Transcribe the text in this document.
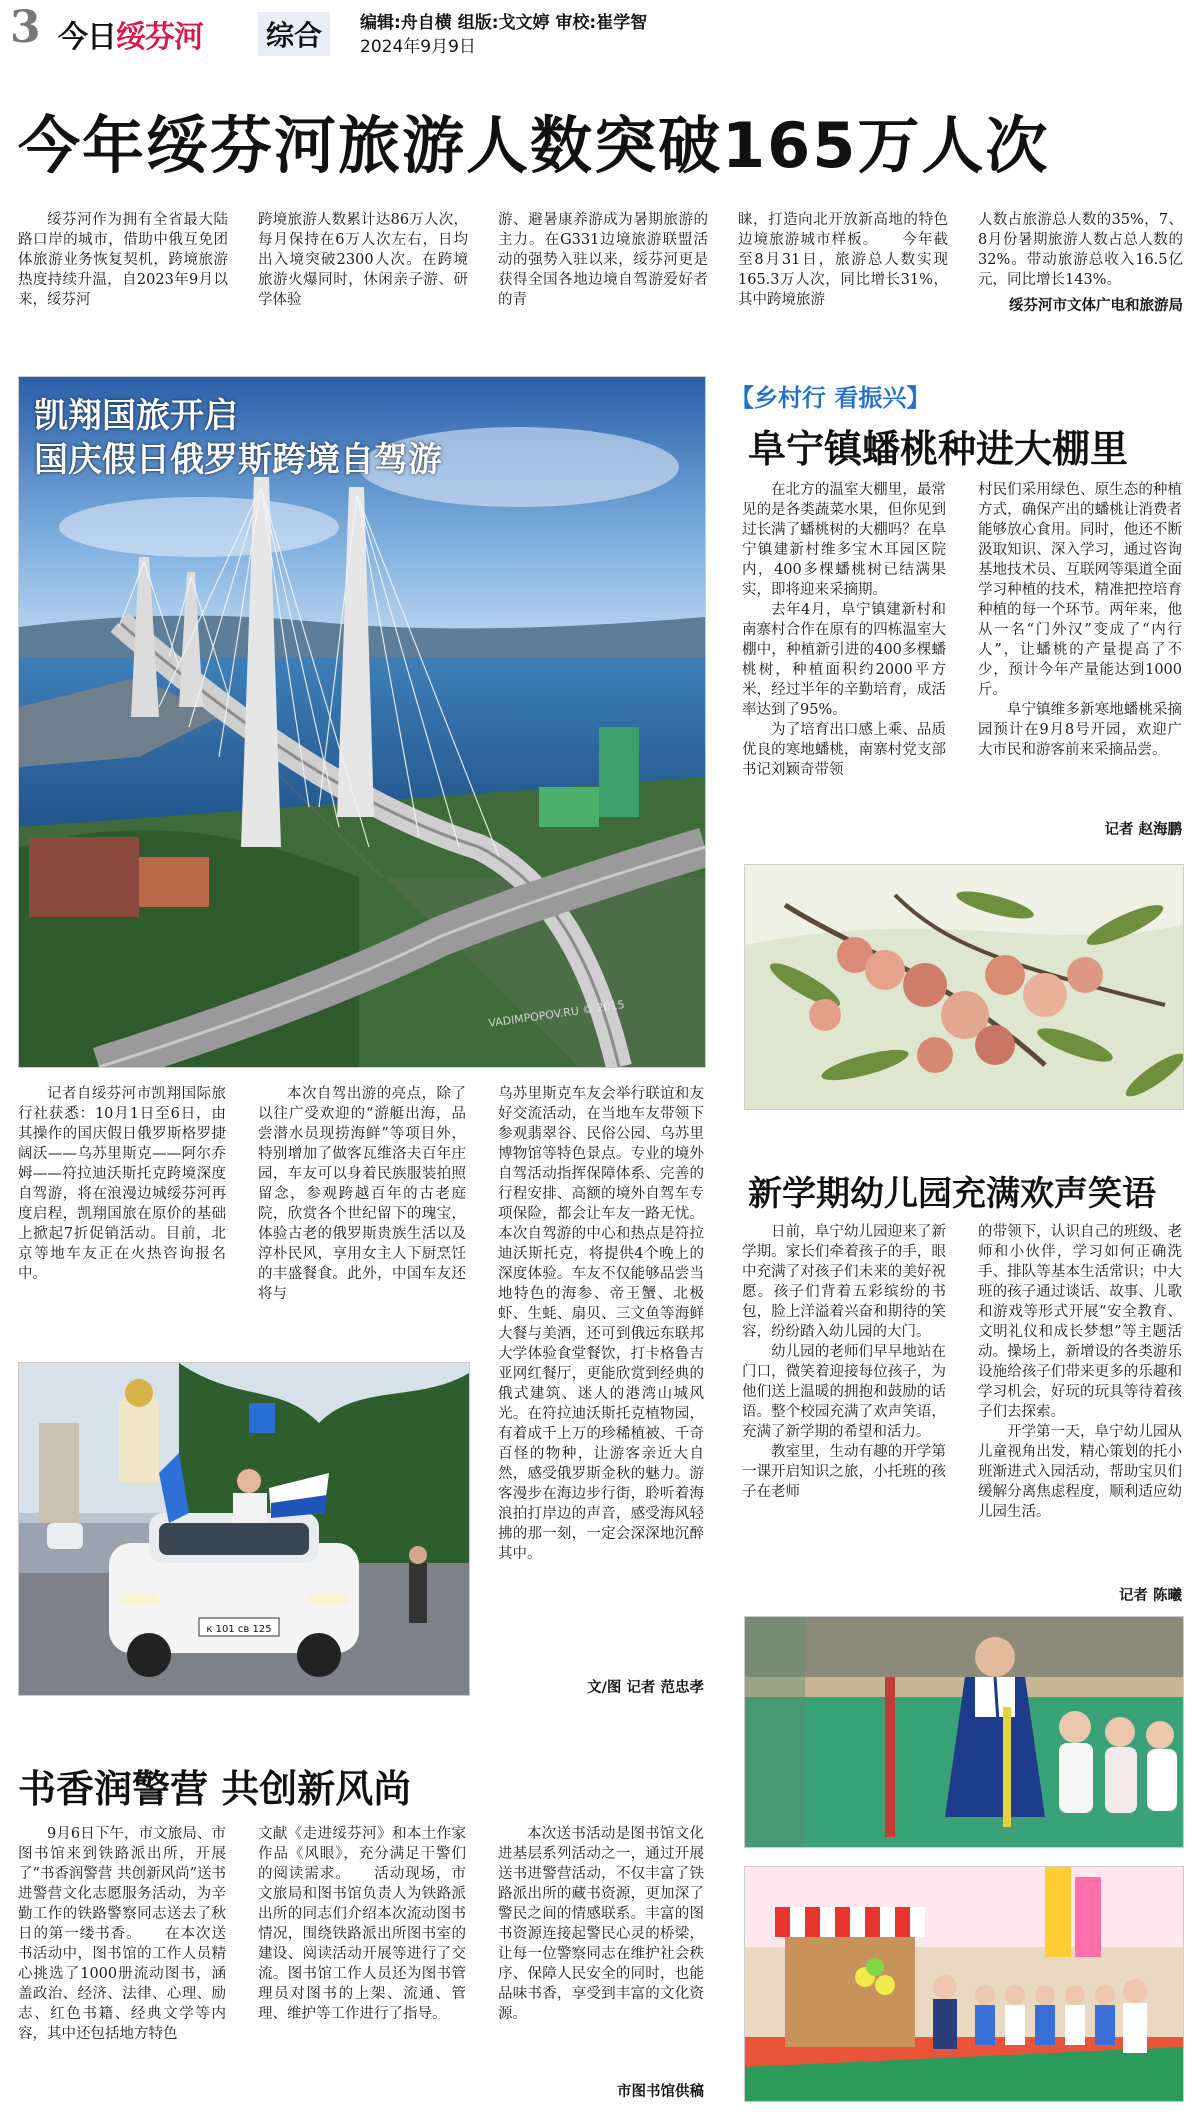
3 今日绥芬河 综合	编辑:舟自横 组版:戈文婷 审校:崔学智
2024年9月9日
今年绥芬河旅游人数突破165万人次

绥芬河作为拥有全省最大陆路口岸的城市，借助中俄互免团体旅游业务恢复契机，跨境旅游热度持续升温，自2023年9月以来，绥芬河

跨境旅游人数累计达86万人次，每月保持在6万人次左右，日均出入境突破2300人次。在跨境旅游火爆同时，休闲亲子游、研学体验

游、避暑康养游成为暑期旅游的主力。在G331边境旅游联盟活动的强势入驻以来，绥芬河更是获得全国各地边境自驾游爱好者的青

睐，打造向北开放新高地的特色边境旅游城市样板。　　今年截至8月31日，旅游总人数实现165.3万人次，同比增长31%，其中跨境旅游

人数占旅游总人数的35%，7、8月份暑期旅游人数占总人数的32%。带动旅游总收入16.5亿元，同比增长143%。

绥芬河市文体广电和旅游局
VADIMPOPOV.RU © 2015
凯翔国旅开启
国庆假日俄罗斯跨境自驾游

记者自绥芬河市凯翔国际旅行社获悉：10月1日至6日，由其操作的国庆假日俄罗斯格罗捷阔沃——乌苏里斯克——阿尔乔姆——符拉迪沃斯托克跨境深度自驾游，将在浪漫边城绥芬河再度启程，凯翔国旅在原价的基础上掀起7折促销活动。目前，北京等地车友正在火热咨询报名中。

本次自驾出游的亮点，除了以往广受欢迎的“游艇出海，品尝潜水员现捞海鲜”等项目外，特别增加了做客瓦维洛夫百年庄园，车友可以身着民族服装拍照留念，参观跨越百年的古老庭院，欣赏各个世纪留下的瑰宝，体验古老的俄罗斯贵族生活以及淳朴民风，享用女主人下厨烹饪的丰盛餐食。此外，中国车友还将与

乌苏里斯克车友会举行联谊和友好交流活动，在当地车友带领下参观翡翠谷、民俗公园、乌苏里博物馆等特色景点。专业的境外自驾活动指挥保障体系、完善的行程安排、高额的境外自驾车专项保险，都会让车友一路无忧。本次自驾游的中心和热点是符拉迪沃斯托克，将提供4个晚上的深度体验。车友不仅能够品尝当地特色的海参、帝王蟹、北极虾、生蚝、扇贝、三文鱼等海鲜大餐与美酒，还可到俄远东联邦大学体验食堂餐饮，打卡格鲁吉亚网红餐厅，更能欣赏到经典的俄式建筑、迷人的港湾山城风光。在符拉迪沃斯托克植物园，有着成千上万的珍稀植被、千奇百怪的物种，让游客亲近大自然，感受俄罗斯金秋的魅力。游客漫步在海边步行街，聆听着海浪拍打岸边的声音，感受海风轻拂的那一刻，一定会深深地沉醉其中。

文/图 记者 范忠孝
к 101 св 125
【乡村行 看振兴】
阜宁镇蟠桃种进大棚里

在北方的温室大棚里，最常见的是各类蔬菜水果，但你见到过长满了蟠桃树的大棚吗？在阜宁镇建新村维多宝木耳园区院内，400多棵蟠桃树已结满果实，即将迎来采摘期。

去年4月，阜宁镇建新村和南寨村合作在原有的四栋温室大棚中，种植新引进的400多棵蟠桃树，种植面积约2000平方米，经过半年的辛勤培育，成活率达到了95%。

为了培育出口感上乘、品质优良的寒地蟠桃，南寨村党支部书记刘颖奇带领

村民们采用绿色、原生态的种植方式，确保产出的蟠桃让消费者能够放心食用。同时，他还不断汲取知识、深入学习，通过咨询基地技术员、互联网等渠道全面学习种植的技术，精准把控培育种植的每一个环节。两年来，他从一名“门外汉”变成了“内行人”，让蟠桃的产量提高了不少，预计今年产量能达到1000斤。

阜宁镇维多新寒地蟠桃采摘园预计在9月8号开园，欢迎广大市民和游客前来采摘品尝。

记者 赵海鹏
新学期幼儿园充满欢声笑语

日前，阜宁幼儿园迎来了新学期。家长们牵着孩子的手，眼中充满了对孩子们未来的美好祝愿。孩子们背着五彩缤纷的书包，脸上洋溢着兴奋和期待的笑容，纷纷踏入幼儿园的大门。

幼儿园的老师们早早地站在门口，微笑着迎接每位孩子，为他们送上温暖的拥抱和鼓励的话语。整个校园充满了欢声笑语，充满了新学期的希望和活力。

教室里，生动有趣的开学第一课开启知识之旅，小托班的孩子在老师

的带领下，认识自己的班级、老师和小伙伴，学习如何正确洗手、排队等基本生活常识；中大班的孩子通过谈话、故事、儿歌和游戏等形式开展“安全教育、文明礼仪和成长梦想”等主题活动。操场上，新增设的各类游乐设施给孩子们带来更多的乐趣和学习机会，好玩的玩具等待着孩子们去探索。

开学第一天，阜宁幼儿园从儿童视角出发，精心策划的托小班渐进式入园活动，帮助宝贝们缓解分离焦虑程度，顺利适应幼儿园生活。

记者 陈曦
书香润警营 共创新风尚

9月6日下午，市文旅局、市图书馆来到铁路派出所，开展了“书香润警营 共创新风尚”送书进警营文化志愿服务活动，为辛勤工作的铁路警察同志送去了秋日的第一缕书香。　　在本次送书活动中，图书馆的工作人员精心挑选了1000册流动图书，涵盖政治、经济、法律、心理、励志、红色书籍、经典文学等内容，其中还包括地方特色

文献《走进绥芬河》和本土作家作品《风眼》，充分满足干警们的阅读需求。　　活动现场，市文旅局和图书馆负责人为铁路派出所的同志们介绍本次流动图书情况，围绕铁路派出所图书室的建设、阅读活动开展等进行了交流。图书馆工作人员还为图书管理员对图书的上架、流通、管理、维护等工作进行了指导。

本次送书活动是图书馆文化进基层系列活动之一，通过开展送书进警营活动，不仅丰富了铁路派出所的藏书资源，更加深了警民之间的情感联系。丰富的图书资源连接起警民心灵的桥梁，让每一位警察同志在维护社会秩序、保障人民安全的同时，也能品味书香，享受到丰富的文化资源。

市图书馆供稿
